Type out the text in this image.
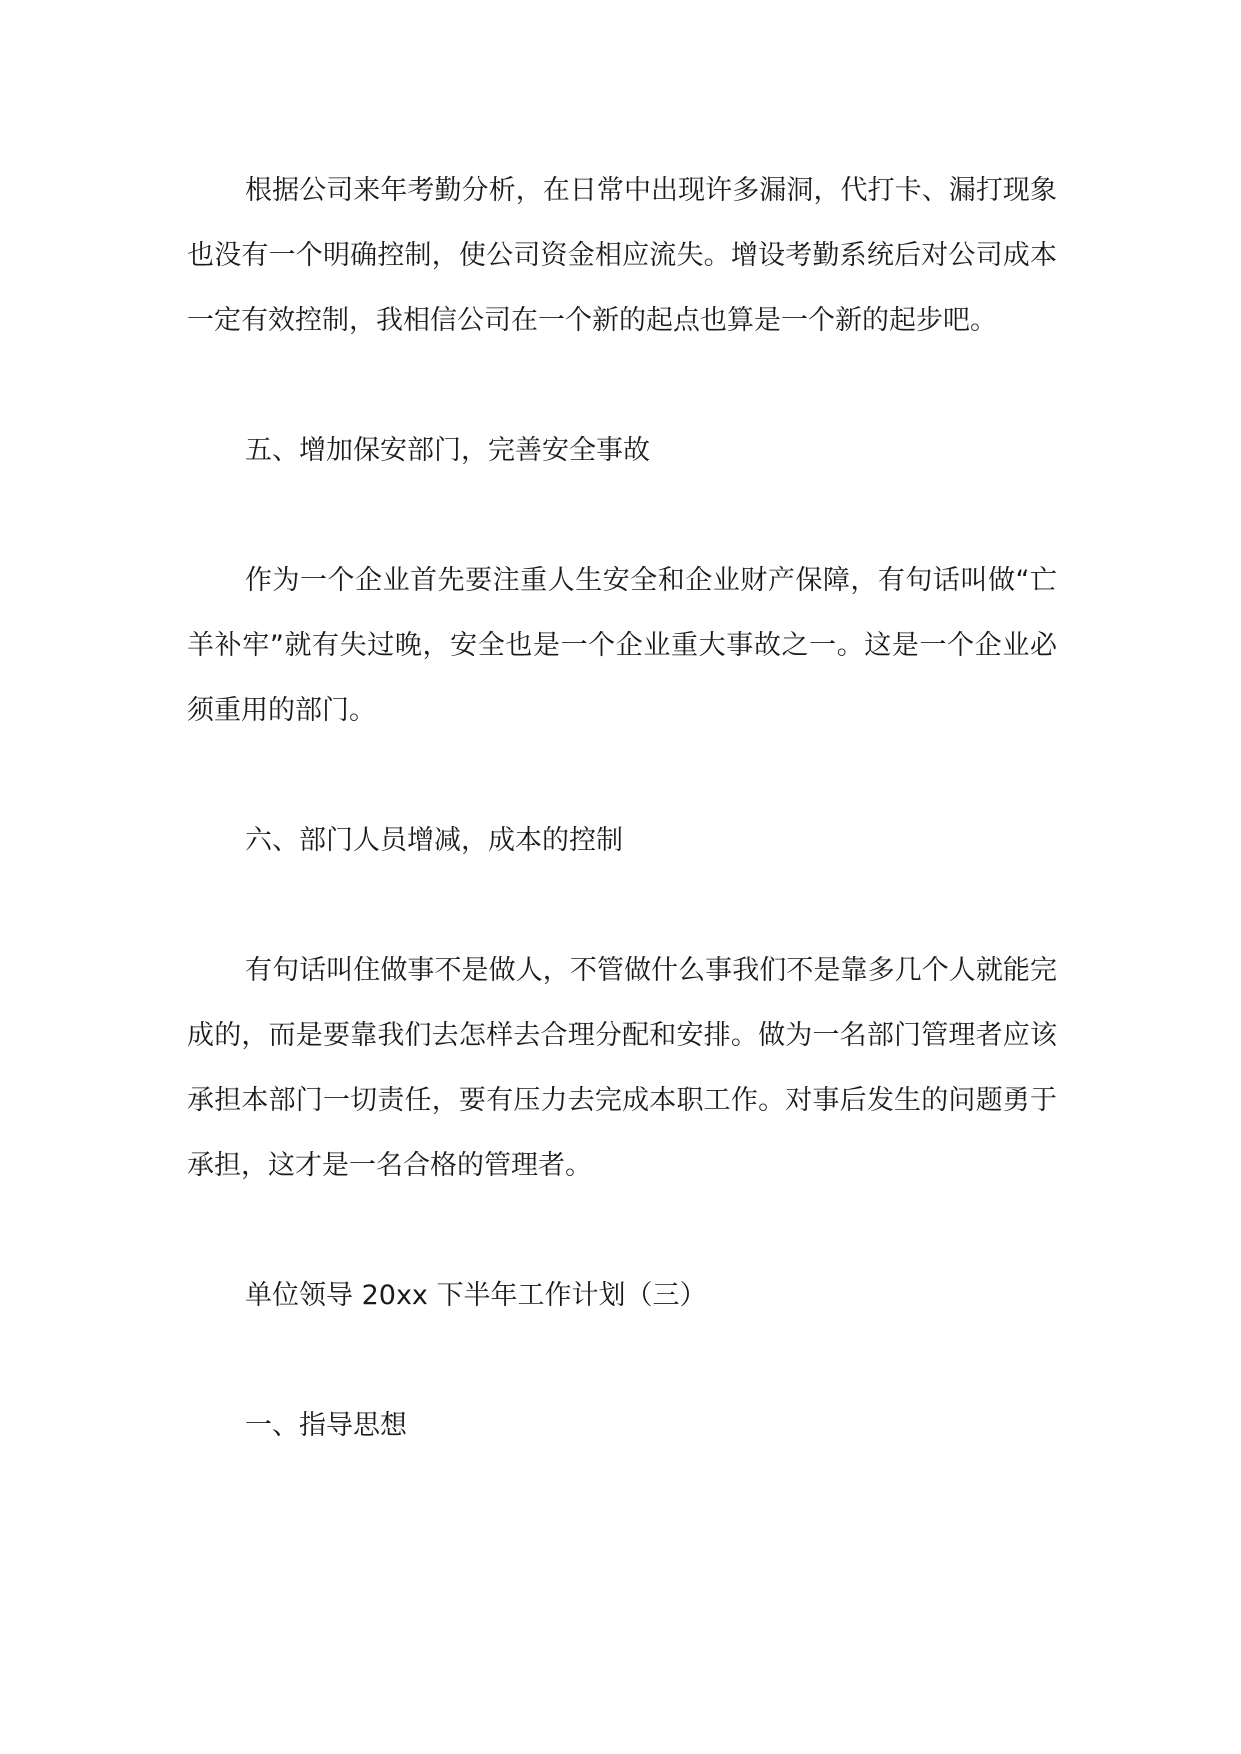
根据公司来年考勤分析，在日常中出现许多漏洞，代打卡、漏打现象也没有一个明确控制，使公司资金相应流失。增设考勤系统后对公司成本一定有效控制，我相信公司在一个新的起点也算是一个新的起步吧。

五、增加保安部门，完善安全事故

作为一个企业首先要注重人生安全和企业财产保障，有句话叫做“亡羊补牢”就有失过晚，安全也是一个企业重大事故之一。这是一个企业必须重用的部门。

六、部门人员增减，成本的控制

有句话叫住做事不是做人，不管做什么事我们不是靠多几个人就能完成的，而是要靠我们去怎样去合理分配和安排。做为一名部门管理者应该承担本部门一切责任，要有压力去完成本职工作。对事后发生的问题勇于承担，这才是一名合格的管理者。

单位领导 20xx 下半年工作计划（三）

一、指导思想
